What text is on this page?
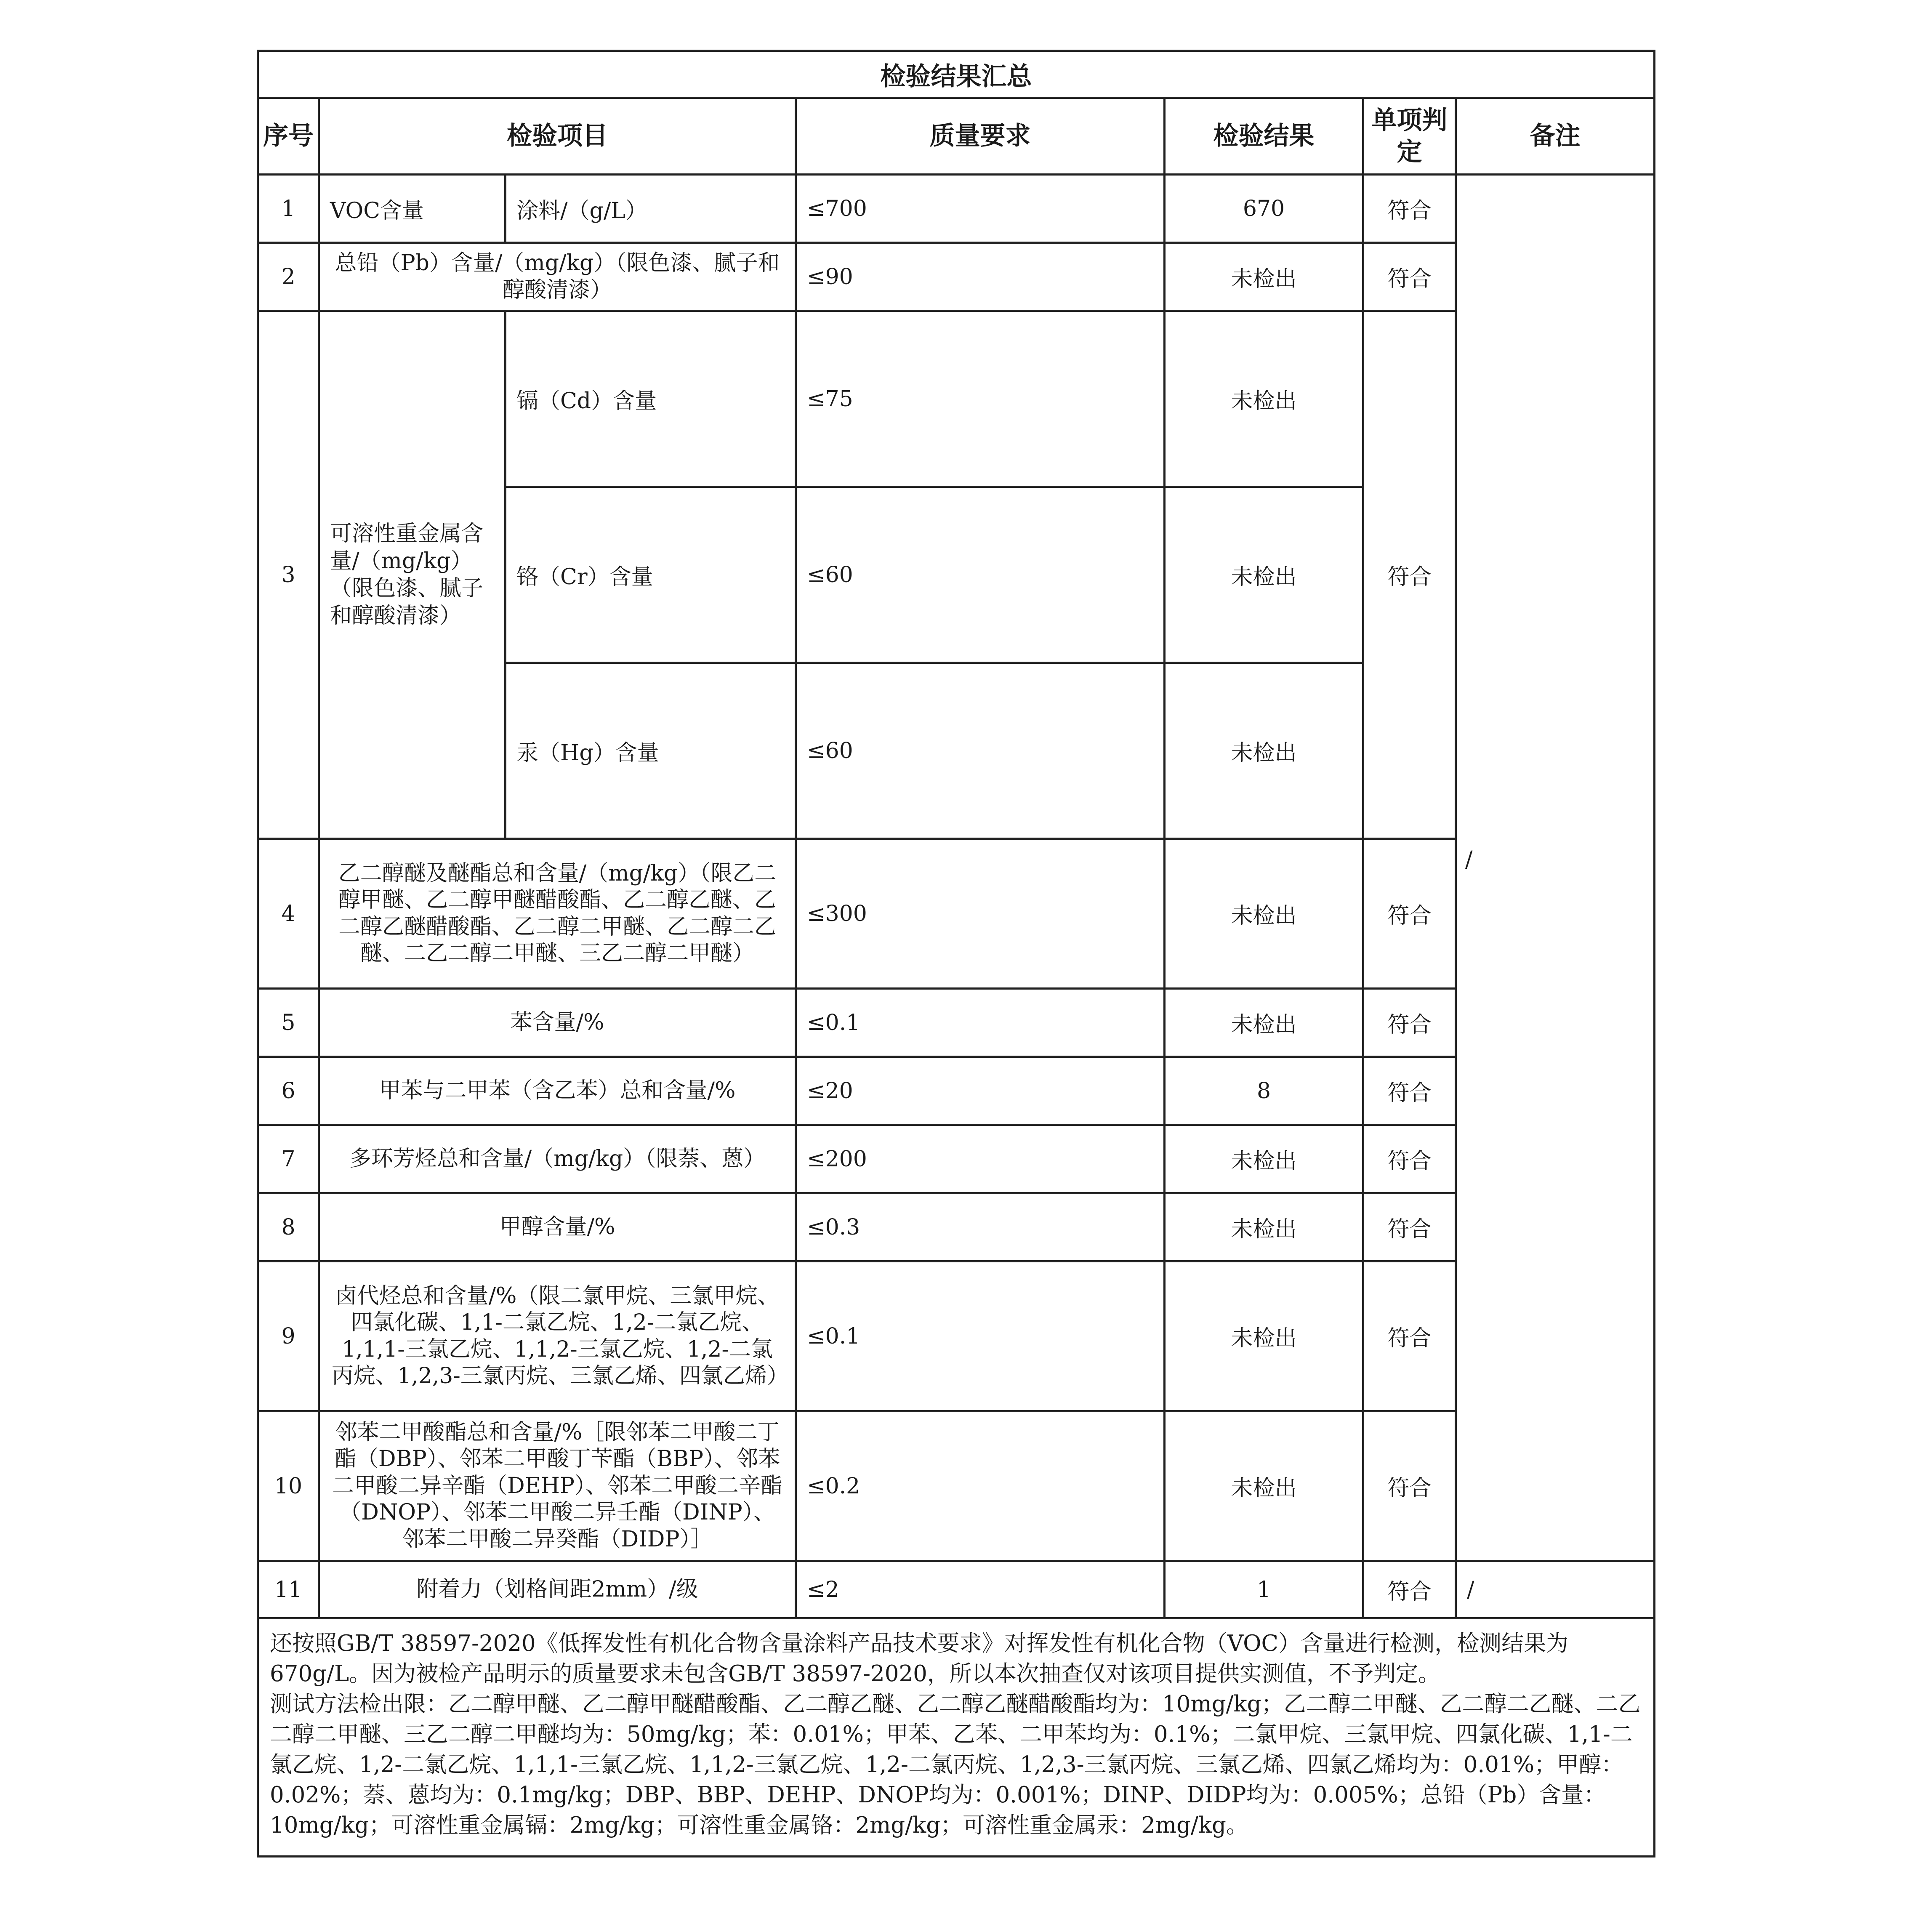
检验结果汇总						
序号	检验项目		质量要求	检验结果	单项判定	备注
1	VOC含量	涂料/（g/L）	≤700	670	符合	/

2	总铅（Pb）含量/（mg/kg）（限色漆、腻子和醇酸清漆）		≤90	未检出	符合	
3	可溶性重金属含量/（mg/kg）（限色漆、腻子和醇酸清漆）	镉（Cd）含量	≤75	未检出	符合	
		铬（Cr）含量	≤60	未检出		
		汞（Hg）含量	≤60	未检出		
4	乙二醇醚及醚酯总和含量/（mg/kg）（限乙二醇甲醚、乙二醇甲醚醋酸酯、乙二醇乙醚、乙二醇乙醚醋酸酯、乙二醇二甲醚、乙二醇二乙醚、二乙二醇二甲醚、三乙二醇二甲醚）		≤300	未检出	符合	
5	苯含量/%		≤0.1	未检出	符合	
6	甲苯与二甲苯（含乙苯）总和含量/%		≤20	8	符合	
7	多环芳烃总和含量/（mg/kg）（限萘、蒽）		≤200	未检出	符合	
8	甲醇含量/%		≤0.3	未检出	符合	
9	卤代烃总和含量/%（限二氯甲烷、三氯甲烷、四氯化碳、1,1-二氯乙烷、1,2-二氯乙烷、1,1,1-三氯乙烷、1,1,2-三氯乙烷、1,2-二氯丙烷、1,2,3-三氯丙烷、三氯乙烯、四氯乙烯）		≤0.1	未检出	符合	
10	邻苯二甲酸酯总和含量/%［限邻苯二甲酸二丁酯（DBP）、邻苯二甲酸丁苄酯（BBP）、邻苯二甲酸二异辛酯（DEHP）、邻苯二甲酸二辛酯（DNOP）、邻苯二甲酸二异壬酯（DINP）、邻苯二甲酸二异癸酯（DIDP）］		≤0.2	未检出	符合	
11	附着力（划格间距2mm）/级		≤2	1	符合	/

还按照GB/T 38597-2020《低挥发性有机化合物含量涂料产品技术要求》对挥发性有机化合物（VOC）含量进行检测，检测结果为670g/L。因为被检产品明示的质量要求未包含GB/T 38597-2020，所以本次抽查仅对该项目提供实测值，不予判定。

测试方法检出限：乙二醇甲醚、乙二醇甲醚醋酸酯、乙二醇乙醚、乙二醇乙醚醋酸酯均为：10mg/kg；乙二醇二甲醚、乙二醇二乙醚、二乙二醇二甲醚、三乙二醇二甲醚均为：50mg/kg；苯：0.01%；甲苯、乙苯、二甲苯均为：0.1%；二氯甲烷、三氯甲烷、四氯化碳、1,1-二氯乙烷、1,2-二氯乙烷、1,1,1-三氯乙烷、1,1,2-三氯乙烷、1,2-二氯丙烷、1,2,3-三氯丙烷、三氯乙烯、四氯乙烯均为：0.01%；甲醇：0.02%；萘、蒽均为：0.1mg/kg；DBP、BBP、DEHP、DNOP均为：0.001%；DINP、DIDP均为：0.005%；总铅（Pb）含量：10mg/kg；可溶性重金属镉：2mg/kg；可溶性重金属铬：2mg/kg；可溶性重金属汞：2mg/kg。						
